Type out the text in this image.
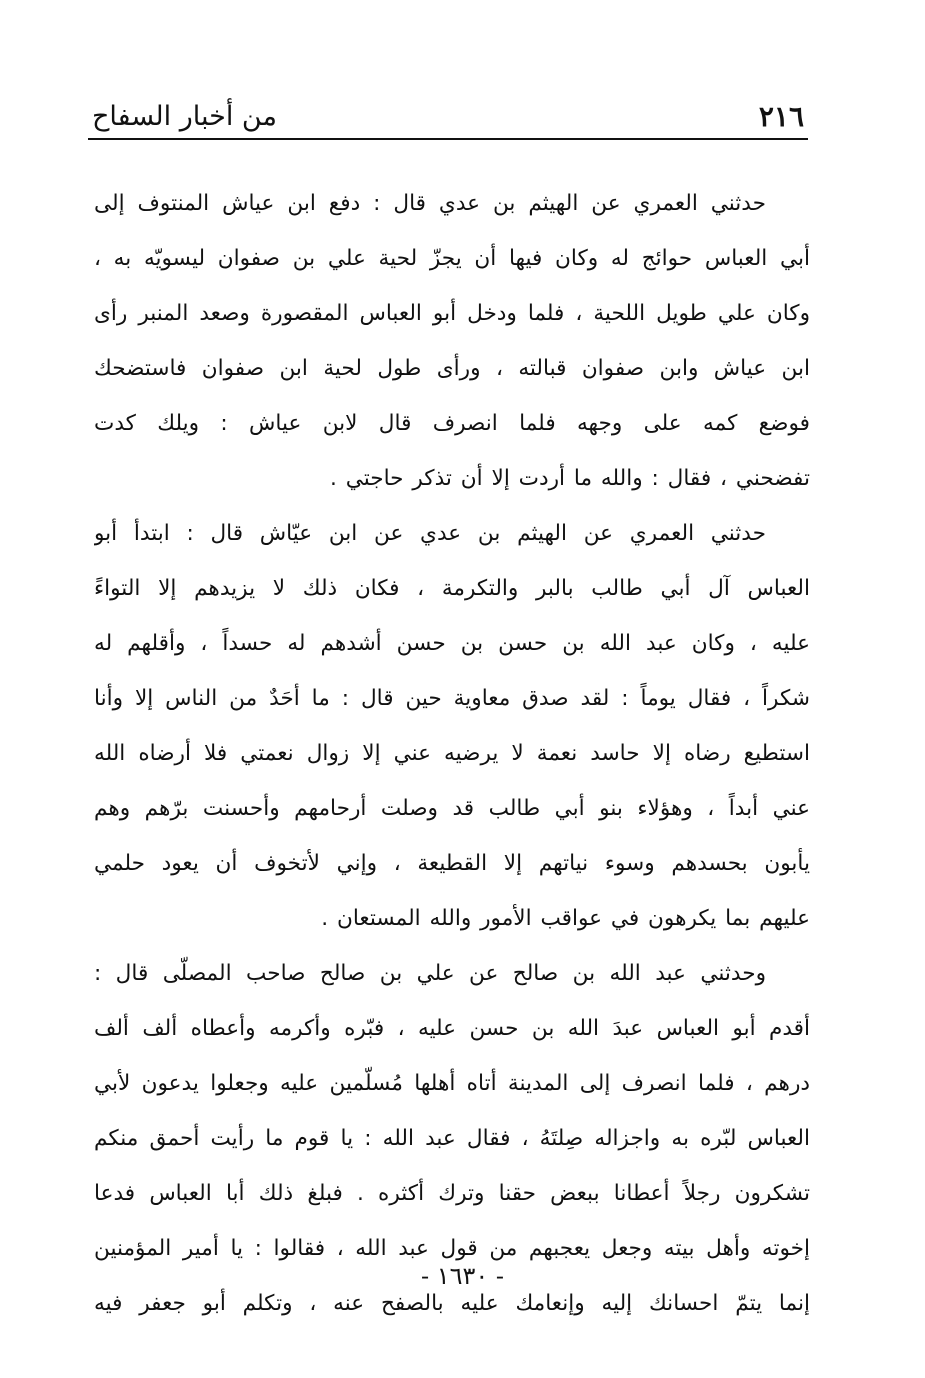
٢١٦
من أخبار السفاح
حدثني العمري عن الهيثم بن عدي قال : دفع ابن عياش المنتوف إلى
أبي العباس حوائج له وكان فيها أن يجزّ لحية علي بن صفوان ليسويّه به ،
وكان علي طويل اللحية ، فلما ودخل أبو العباس المقصورة وصعد المنبر رأى
ابن عياش وابن صفوان قبالته ، ورأى طول لحية ابن صفوان فاستضحك
فوضع كمه على وجهه فلما انصرف قال لابن عياش : ويلك كدت
تفضحني ، فقال : والله ما أردت إلا أن تذكر حاجتي .
حدثني العمري عن الهيثم بن عدي عن ابن عيّاش قال : ابتدأ أبو
العباس آل أبي طالب بالبر والتكرمة ، فكان ذلك لا يزيدهم إلا التواءً
عليه ، وكان عبد الله بن حسن بن حسن أشدهم له حسداً ، وأقلهم له
شكراً ، فقال يوماً : لقد صدق معاوية حين قال : ما أحَدٌ من الناس إلا وأنا
استطيع رضاه إلا حاسد نعمة لا يرضيه عني إلا زوال نعمتي فلا أرضاه الله
عني أبداً ، وهؤلاء بنو أبي طالب قد وصلت أرحامهم وأحسنت برّهم وهم
يأبون بحسدهم وسوء نياتهم إلا القطيعة ، وإني لأتخوف أن يعود حلمي
عليهم بما يكرهون في عواقب الأمور والله المستعان .
وحدثني عبد الله بن صالح عن علي بن صالح صاحب المصلّى قال :
أقدم أبو العباس عبدَ الله بن حسن عليه ، فبّره وأكرمه وأعطاه ألف ألف
درهم ، فلما انصرف إلى المدينة أتاه أهلها مُسلّمين عليه وجعلوا يدعون لأبي
العباس لبّره به واجزاله صِلتَهُ ، فقال عبد الله : يا قوم ما رأيت أحمق منكم
تشكرون رجلاً أعطانا ببعض حقنا وترك أكثره . فبلغ ذلك أبا العباس فدعا
إخوته وأهل بيته وجعل يعجبهم من قول عبد الله ، فقالوا : يا أمير المؤمنين
إنما يتمّ احسانك إليه وإنعامك عليه بالصفح عنه ، وتكلم أبو جعفر فيه
- ١٦٣٠ -
